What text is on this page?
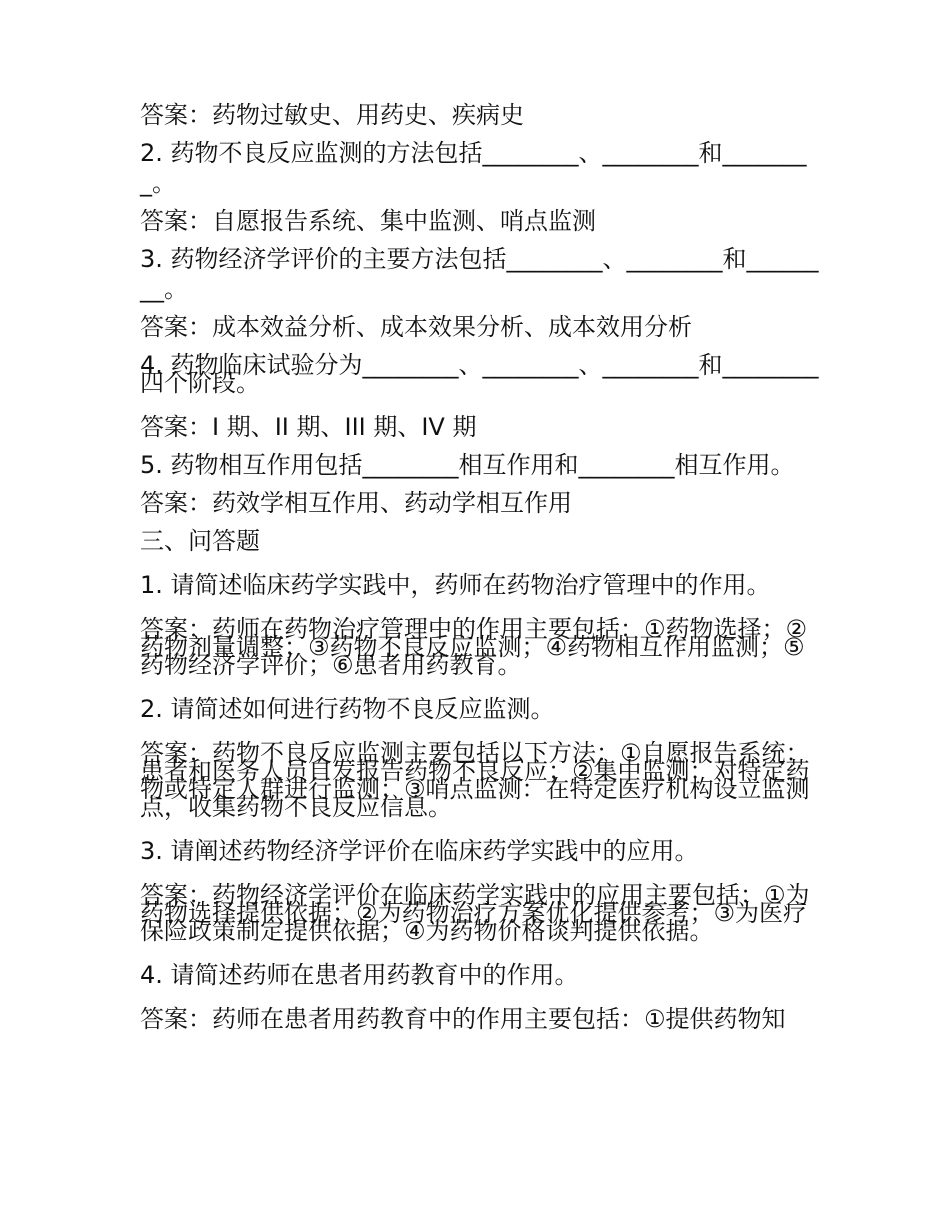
答案：药物过敏史、用药史、疾病史

2. 药物不良反应监测的方法包括________、________和________。

答案：自愿报告系统、集中监测、哨点监测

3. 药物经济学评价的主要方法包括________、________和________。

答案：成本效益分析、成本效果分析、成本效用分析

4. 药物临床试验分为________、________、________和________四个阶段。

答案：I 期、II 期、III 期、IV 期

5. 药物相互作用包括________相互作用和________相互作用。

答案：药效学相互作用、药动学相互作用

三、问答题

1. 请简述临床药学实践中，药师在药物治疗管理中的作用。

答案：药师在药物治疗管理中的作用主要包括：①药物选择；②药物剂量调整；③药物不良反应监测；④药物相互作用监测；⑤药物经济学评价；⑥患者用药教育。

2. 请简述如何进行药物不良反应监测。

答案：药物不良反应监测主要包括以下方法：①自愿报告系统：患者和医务人员自发报告药物不良反应；②集中监测：对特定药物或特定人群进行监测；③哨点监测：在特定医疗机构设立监测点，收集药物不良反应信息。

3. 请阐述药物经济学评价在临床药学实践中的应用。

答案：药物经济学评价在临床药学实践中的应用主要包括：①为药物选择提供依据；②为药物治疗方案优化提供参考；③为医疗保险政策制定提供依据；④为药物价格谈判提供依据。

4. 请简述药师在患者用药教育中的作用。

答案：药师在患者用药教育中的作用主要包括：①提供药物知
